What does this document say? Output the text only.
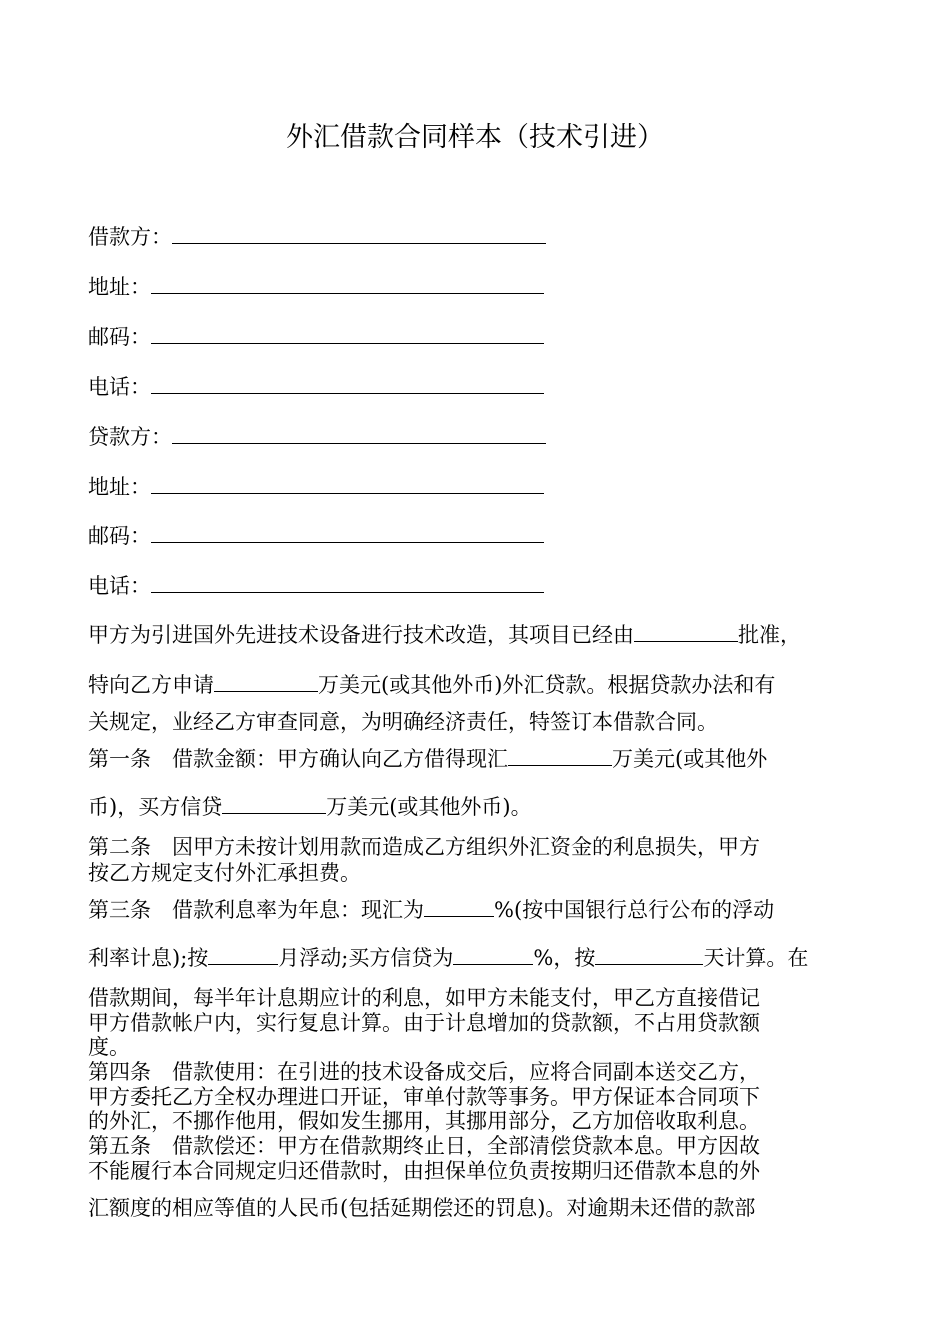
外汇借款合同样本（技术引进）
借款方：
地址：
邮码：
电话：
贷款方：
地址：
邮码：
电话：
甲方为引进国外先进技术设备进行技术改造，其项目已经由	批准，
特向乙方申请	万美元(或其他外币)外汇贷款。根据贷款办法和有
关规定，业经乙方审查同意，为明确经济责任，特签订本借款合同。
第一条　借款金额：甲方确认向乙方借得现汇	万美元(或其他外
币)，买方信贷	万美元(或其他外币)。
第二条　因甲方未按计划用款而造成乙方组织外汇资金的利息损失，甲方
按乙方规定支付外汇承担费。
第三条　借款利息率为年息：现汇为	%(按中国银行总行公布的浮动
利率计息);按	月浮动;买方信贷为	%，按	天计算。在
借款期间，每半年计息期应计的利息，如甲方未能支付，甲乙方直接借记
甲方借款帐户内，实行复息计算。由于计息增加的贷款额，不占用贷款额
度。
第四条　借款使用：在引进的技术设备成交后，应将合同副本送交乙方，
甲方委托乙方全权办理进口开证，审单付款等事务。甲方保证本合同项下
的外汇，不挪作他用，假如发生挪用，其挪用部分，乙方加倍收取利息。
第五条　借款偿还：甲方在借款期终止日，全部清偿贷款本息。甲方因故
不能履行本合同规定归还借款时，由担保单位负责按期归还借款本息的外
汇额度的相应等值的人民币(包括延期偿还的罚息)。对逾期未还借的款部
